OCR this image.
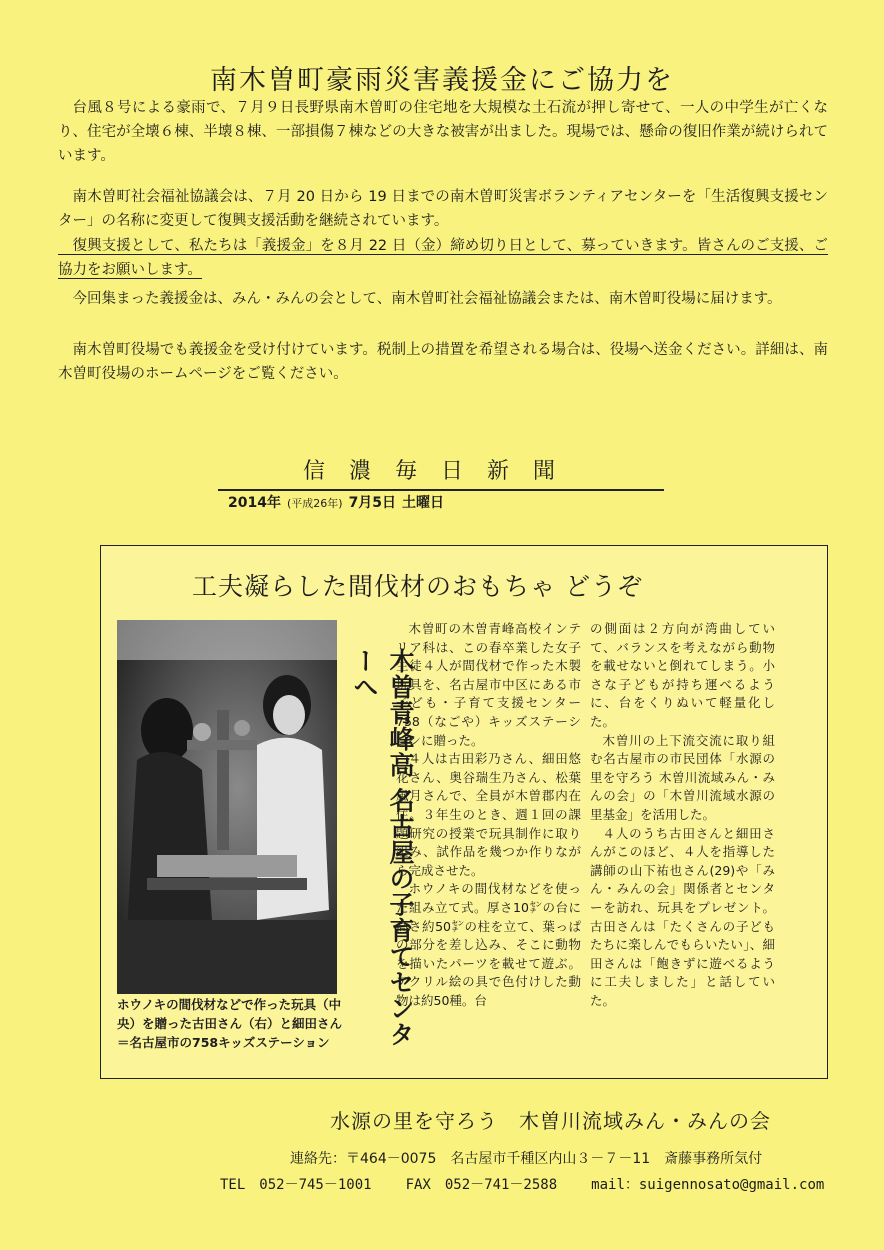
南木曽町豪雨災害義援金にご協力を
台風８号による豪雨で、７月９日長野県南木曽町の住宅地を大規模な土石流が押し寄せて、一人の中学生が亡くなり、住宅が全壊６棟、半壊８棟、一部損傷７棟などの大きな被害が出ました。現場では、懸命の復旧作業が続けられています。
南木曽町社会福祉協議会は、７月 20 日から 19 日までの南木曽町災害ボランティアセンターを「生活復興支援センター」の名称に変更して復興支援活動を継続されています。
復興支援として、私たちは「義援金」を８月 22 日（金）締め切り日として、募っていきます。皆さんのご支援、ご協力をお願いします。
今回集まった義援金は、みん・みんの会として、南木曽町社会福祉協議会または、南木曽町役場に届けます。
南木曽町役場でも義援金を受け付けています。税制上の措置を希望される場合は、役場へ送金ください。詳細は、南木曽町役場のホームページをご覧ください。
信濃毎日新聞
2014年 (平成26年) 7月5日 土曜日
工夫凝らした間伐材のおもちゃ どうぞ
ホウノキの間伐材などで作った玩具（中央）を贈った古田さん（右）と細田さん＝名古屋市の758キッズステーション	木曽青峰高 名古屋の子育てセンターへ

木曽町の木曽青峰高校インテリア科は、この春卒業した女子生徒４人が間伐材で作った木製玩具を、名古屋市中区にある市子ども・子育て支援センター758（なごや）キッズステーションに贈った。

４人は古田彩乃さん、細田悠花さん、奥谷瑞生乃さん、松葉風月さんで、全員が木曽郡内在住。３年生のとき、週１回の課題研究の授業で玩具制作に取り組み、試作品を幾つか作りながら完成させた。

ホウノキの間伐材などを使った組み立て式。厚さ10㌢の台に高さ約50㌢の柱を立て、葉っぱの部分を差し込み、そこに動物を描いたパーツを載せて遊ぶ。アクリル絵の具で色付けした動物は約50種。台

の側面は２方向が湾曲していて、バランスを考えながら動物を載せないと倒れてしまう。小さな子どもが持ち運べるように、台をくりぬいて軽量化した。

木曽川の上下流交流に取り組む名古屋市の市民団体「水源の里を守ろう 木曽川流域みん・みんの会」の「木曽川流域水源の里基金」を活用した。

４人のうち古田さんと細田さんがこのほど、４人を指導した講師の山下祐也さん(29)や「みん・みんの会」関係者とセンターを訪れ、玩具をプレゼント。古田さんは「たくさんの子どもたちに楽しんでもらいたい」、細田さんは「飽きずに遊べるように工夫しました」と話していた。

水源の里を守ろう　木曽川流域みん・みんの会
連絡先：〒464－0075　名古屋市千種区内山３－７－11　斎藤事務所気付
TEL　052－745－1001 FAX　052－741－2588 mail：suigennosato@gmail.com
